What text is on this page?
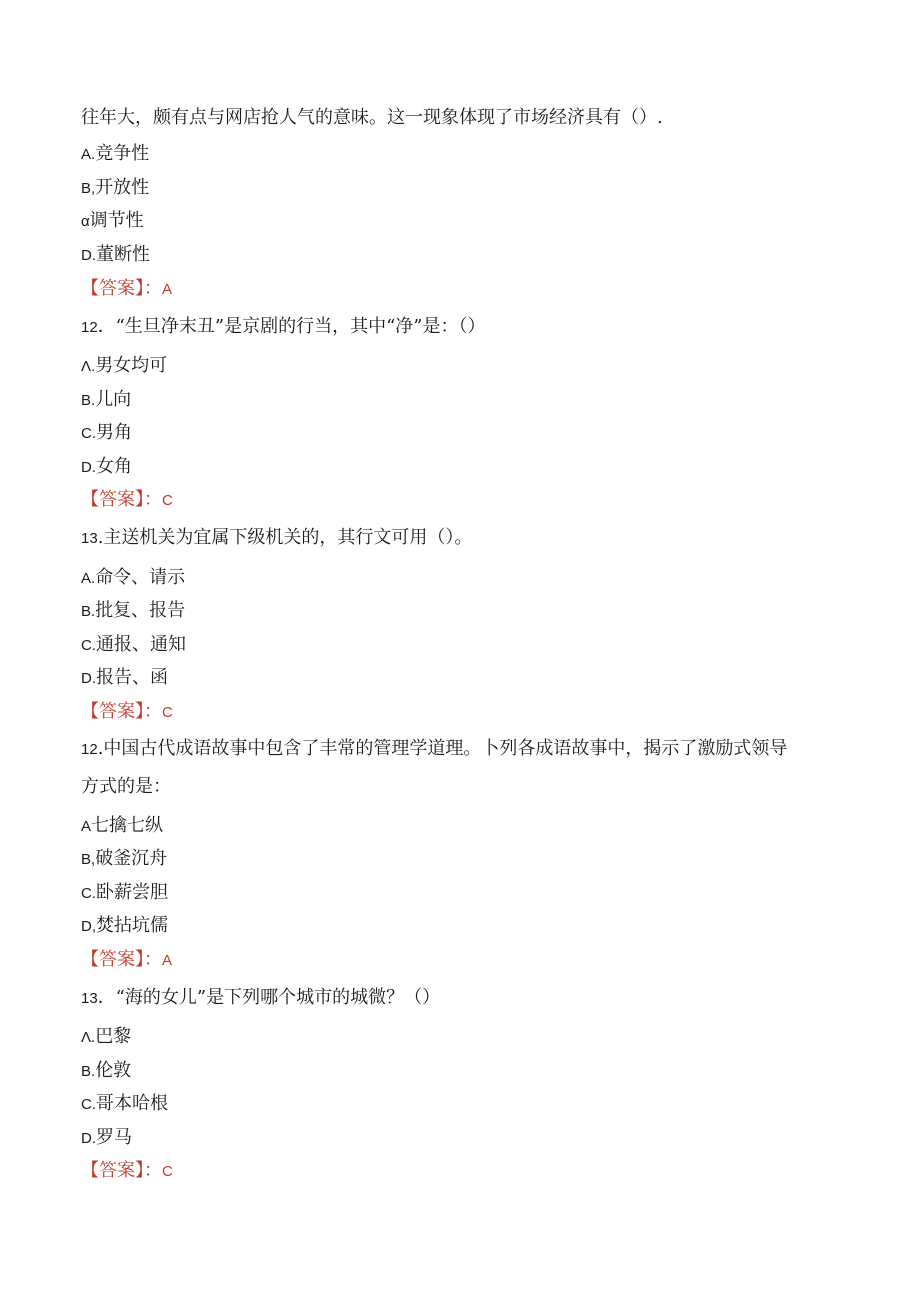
往年大，颇有点与网店抢人气的意味。这一现象体现了市场经济具有（）.
A.竞争性
B,开放性
α调节性
D.董断性
【答案】：A
12．“生旦净末丑”是京剧的行当，其中“净”是：（）
Λ.男女均可
B.儿向
C.男角
D.女角
【答案】：C
13.主送机关为宜属下级机关的，其行文可用（）。
A.命令、请示
B.批复、报告
C.通报、通知
D.报告、函
【答案】：C
12.中国古代成语故事中包含了丰常的管理学道理。卜列各成语故事中，揭示了激励式领导
方式的是：
A七擒七纵
B,破釜沉舟
C.卧薪尝胆
D,焚拈坑儒
【答案】：A
13．“海的女儿”是下列哪个城市的城微？（）
Λ.巴黎
B.伦敦
C.哥本哈根
D.罗马
【答案】：C
